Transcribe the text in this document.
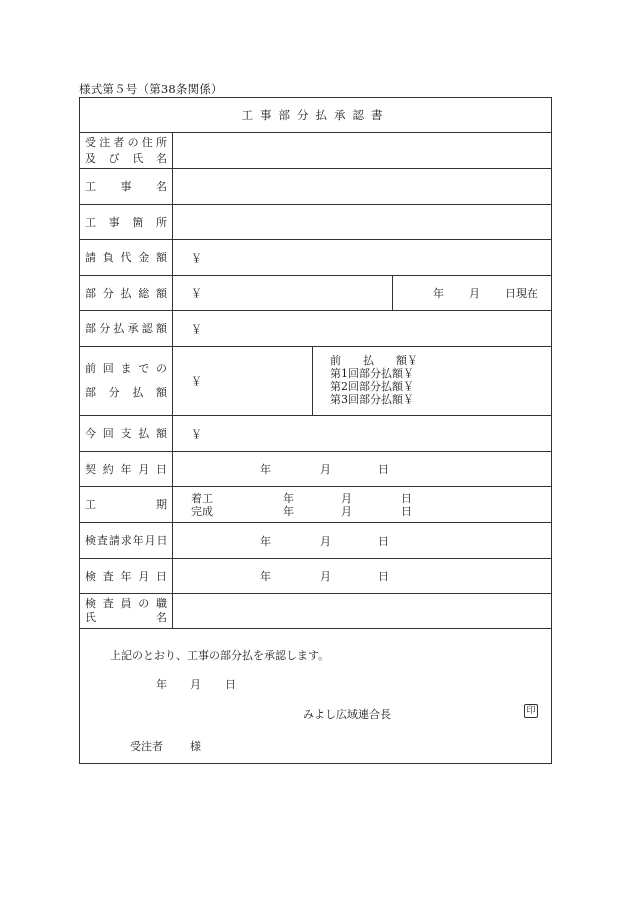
様式第５号（第38条関係）
工事部分払承認書
受注者の住所
及び氏名
工事名
工事箇所
請負代金額 ￥
部分払総額 ￥	年 月 日現在
部分払承認額 ￥
前回までの
部分払額
￥
前　　払　　額￥
第1回部分払額￥
第2回部分払額￥
第3回部分払額￥
今回支払額 ￥
契約年月日	年	月	日
工期 着工	年	月	日
完成	年	月	日
検査請求年月日	年	月	日
検査年月日	年	月	日
検査員の職
氏名
上記のとおり、工事の部分払を承認します。
年 月 日
みよし広域連合長	印
受注者 様
